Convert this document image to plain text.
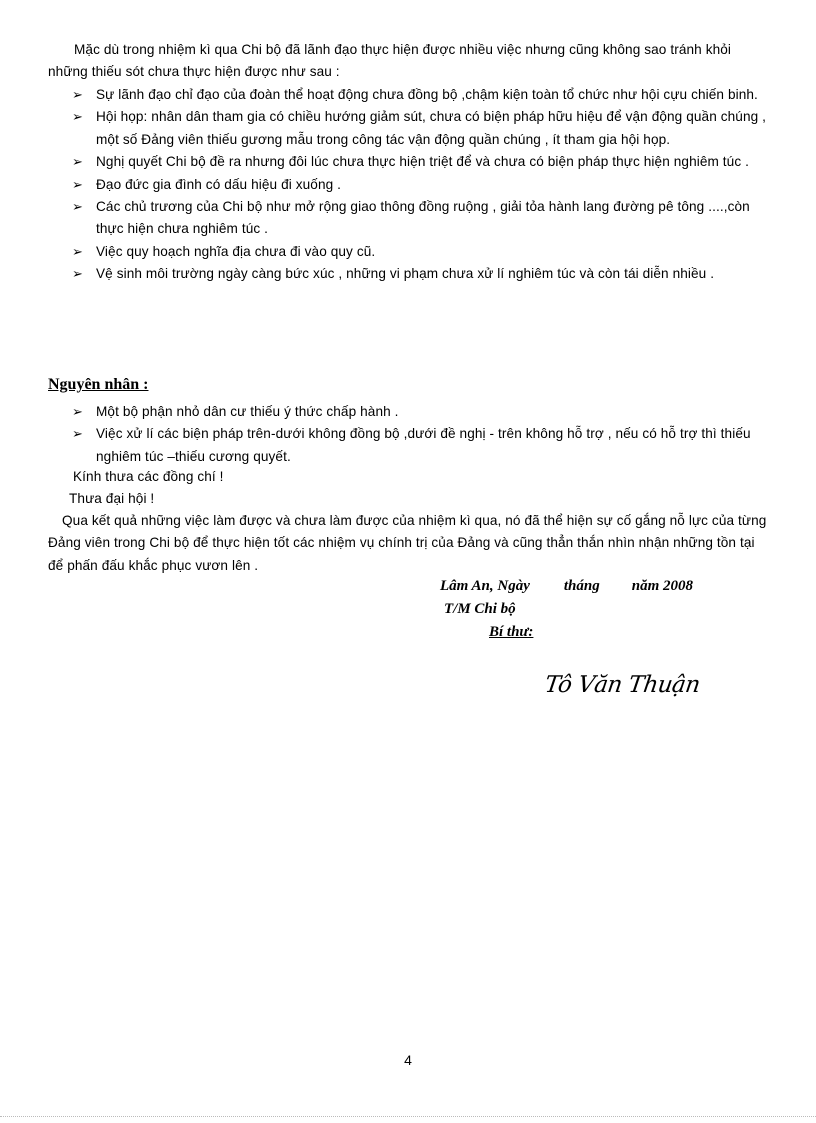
Mặc dù trong nhiệm kì qua Chi bộ đã lãnh đạo thực hiện được nhiều việc nhưng cũng không sao tránh khỏi những thiếu sót chưa thực hiện được như sau :
➢ Sự lãnh đạo chỉ đạo của đoàn thể hoạt động chưa đồng bộ ,chậm kiện toàn tổ chức như hội cựu chiến binh.
➢ Hội họp: nhân dân tham gia có chiều hướng giảm sút, chưa có biện pháp hữu hiệu để vận động quần chúng , một số Đảng viên thiếu gương mẫu trong công tác vận động quần chúng , ít tham gia hội họp.
➢ Nghị quyết Chi bộ đề ra nhưng đôi lúc chưa thực hiện triệt để và chưa có biện pháp thực hiện nghiêm túc .
➢ Đạo đức gia đình có dấu hiệu đi xuống .
➢ Các chủ trương của Chi bộ như mở rộng giao thông đồng ruộng , giải tỏa hành lang đường pê tông ....,còn thực hiện chưa nghiêm túc .
➢ Việc quy hoạch nghĩa địa chưa đi vào quy cũ.
➢ Vệ sinh môi trường ngày càng bức xúc , những vi phạm chưa xử lí nghiêm túc và còn tái diễn nhiều .
Nguyên nhân :
➢ Một bộ phận nhỏ dân cư thiếu ý thức chấp hành .
➢ Việc xử lí các biện pháp trên-dưới không đồng bộ ,dưới đề nghị - trên không hỗ trợ , nếu có hỗ trợ thì thiếu nghiêm túc –thiếu cương quyết.
Kính thưa các đồng chí !
Thưa đại hội !
Qua kết quả những việc làm được và chưa làm được của nhiệm kì qua, nó đã thể hiện sự cố gắng nỗ lực của từng Đảng viên trong Chi bộ để thực hiện tốt các nhiệm vụ chính trị của Đảng và cũng thẳn thắn nhìn nhận những tồn tại để phấn đấu khắc phục vươn lên .
Lâm An, Ngày tháng năm 2008
T/M Chi bộ
Bí thư:
Tô Văn Thuận
4
